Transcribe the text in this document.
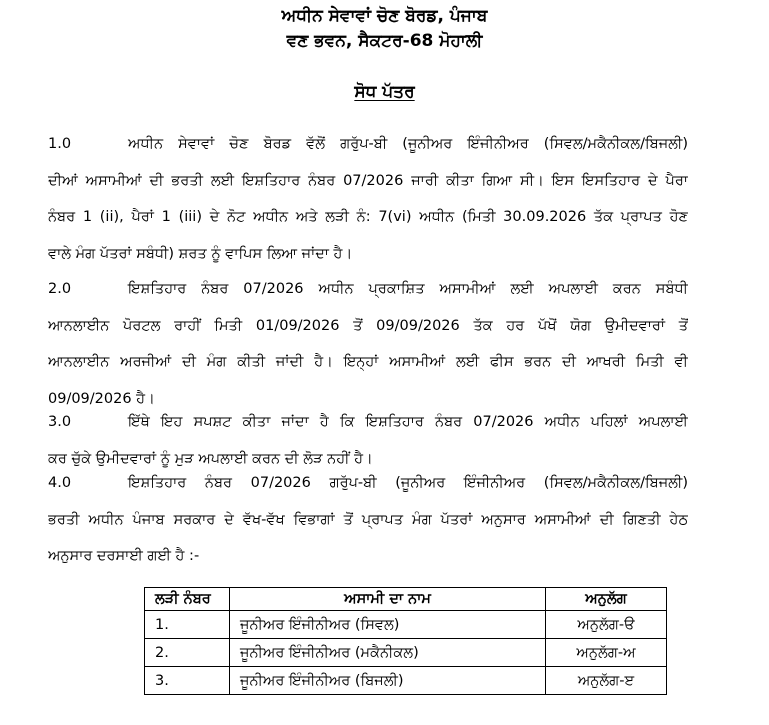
ਅਧੀਨ ਸੇਵਾਵਾਂ ਚੋਣ ਬੋਰਡ, ਪੰਜਾਬ
ਵਣ ਭਵਨ, ਸੈਕਟਰ-68 ਮੋਹਾਲੀ
ਸੋਧ ਪੱਤਰ
1.0	ਅਧੀਨ ਸੇਵਾਵਾਂ ਚੋਣ ਬੋਰਡ ਵੱਲੋਂ ਗਰੁੱਪ-ਬੀ (ਜੂਨੀਅਰ ਇੰਜੀਨੀਅਰ (ਸਿਵਲ/ਮਕੈਨੀਕਲ/ਬਿਜਲੀ)
ਦੀਆਂ ਅਸਾਮੀਆਂ ਦੀ ਭਰਤੀ ਲਈ ਇਸ਼ਤਿਹਾਰ ਨੰਬਰ 07/2026 ਜਾਰੀ ਕੀਤਾ ਗਿਆ ਸੀ। ਇਸ ਇਸਤਿਹਾਰ ਦੇ ਪੈਰਾ
ਨੰਬਰ 1 (ii), ਪੈਰਾਂ 1 (iii) ਦੇ ਨੋਟ ਅਧੀਨ ਅਤੇ ਲੜੀ ਨੰ: 7(vi) ਅਧੀਨ (ਮਿਤੀ 30.09.2026 ਤੱਕ ਪ੍ਰਾਪਤ ਹੋਣ
ਵਾਲੇ ਮੰਗ ਪੱਤਰਾਂ ਸਬੰਧੀ) ਸ਼ਰਤ ਨੂੰ ਵਾਪਿਸ ਲਿਆ ਜਾਂਦਾ ਹੈ।
2.0	ਇਸ਼ਤਿਹਾਰ ਨੰਬਰ 07/2026 ਅਧੀਨ ਪ੍ਰਕਾਸ਼ਿਤ ਅਸਾਮੀਆਂ ਲਈ ਅਪਲਾਈ ਕਰਨ ਸਬੰਧੀ
ਆਨਲਾਈਨ ਪੋਰਟਲ ਰਾਹੀਂ ਮਿਤੀ 01/09/2026 ਤੋਂ 09/09/2026 ਤੱਕ ਹਰ ਪੱਖੋਂ ਯੋਗ ਉਮੀਦਵਾਰਾਂ ਤੋਂ
ਆਨਲਾਈਨ ਅਰਜੀਆਂ ਦੀ ਮੰਗ ਕੀਤੀ ਜਾਂਦੀ ਹੈ। ਇਨ੍ਹਾਂ ਅਸਾਮੀਆਂ ਲਈ ਫੀਸ ਭਰਨ ਦੀ ਆਖਰੀ ਮਿਤੀ ਵੀ
09/09/2026 ਹੈ।
3.0	ਇੱਥੇ ਇਹ ਸਪਸ਼ਟ ਕੀਤਾ ਜਾਂਦਾ ਹੈ ਕਿ ਇਸ਼ਤਿਹਾਰ ਨੰਬਰ 07/2026 ਅਧੀਨ ਪਹਿਲਾਂ ਅਪਲਾਈ
ਕਰ ਚੁੱਕੇ ਉਮੀਦਵਾਰਾਂ ਨੂੰ ਮੁੜ ਅਪਲਾਈ ਕਰਨ ਦੀ ਲੋੜ ਨਹੀਂ ਹੈ।
4.0	ਇਸ਼ਤਿਹਾਰ ਨੰਬਰ 07/2026 ਗਰੁੱਪ-ਬੀ (ਜੂਨੀਅਰ ਇੰਜੀਨੀਅਰ (ਸਿਵਲ/ਮਕੈਨੀਕਲ/ਬਿਜਲੀ)
ਭਰਤੀ ਅਧੀਨ ਪੰਜਾਬ ਸਰਕਾਰ ਦੇ ਵੱਖ-ਵੱਖ ਵਿਭਾਗਾਂ ਤੋਂ ਪ੍ਰਾਪਤ ਮੰਗ ਪੱਤਰਾਂ ਅਨੁਸਾਰ ਅਸਾਮੀਆਂ ਦੀ ਗਿਣਤੀ ਹੇਠ
ਅਨੁਸਾਰ ਦਰਸਾਈ ਗਈ ਹੈ :-
ਲੜੀ ਨੰਬਰ	ਅਸਾਮੀ ਦਾ ਨਾਮ	ਅਨੁਲੱਗ
1.	ਜੂਨੀਅਰ ਇੰਜੀਨੀਅਰ (ਸਿਵਲ)	ਅਨੁਲੱਗ-ੳ
2.	ਜੂਨੀਅਰ ਇੰਜੀਨੀਅਰ (ਮਕੈਨੀਕਲ)	ਅਨੁਲੱਗ-ਅ
3.	ਜੂਨੀਅਰ ਇੰਜੀਨੀਅਰ (ਬਿਜਲੀ)	ਅਨੁਲੱਗ-ੲ
